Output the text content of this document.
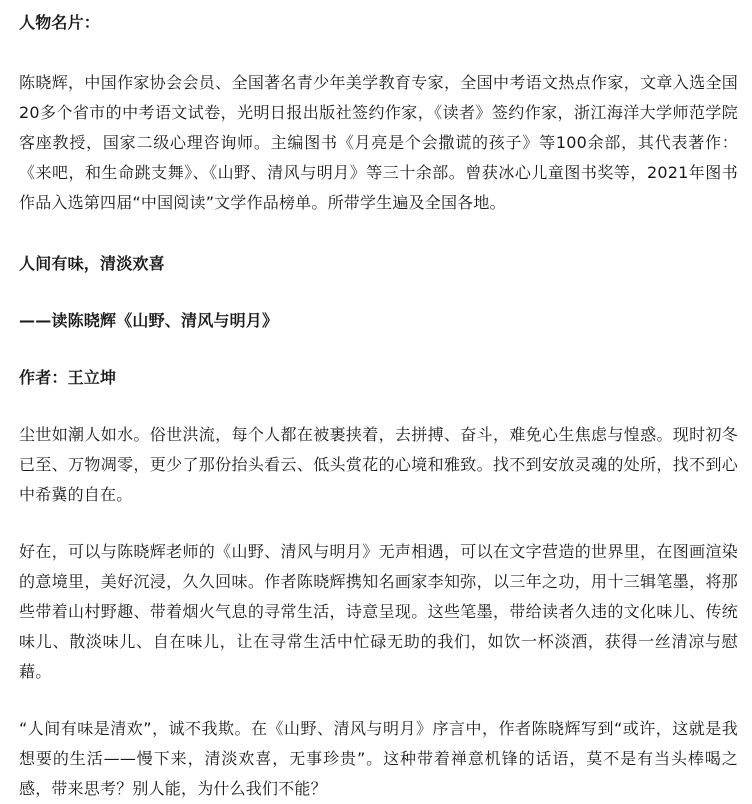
人物名片：

陈晓辉，中国作家协会会员、全国著名青少年美学教育专家，全国中考语文热点作家，文章入选全国20多个省市的中考语文试卷，光明日报出版社签约作家，《读者》签约作家，浙江海洋大学师范学院客座教授，国家二级心理咨询师。主编图书《月亮是个会撒谎的孩子》等100余部，其代表著作：《来吧，和生命跳支舞》、《山野、清风与明月》等三十余部。曾获冰心儿童图书奖等，2021年图书作品入选第四届“中国阅读”文学作品榜单。所带学生遍及全国各地。

人间有味，清淡欢喜

——读陈晓辉《山野、清风与明月》

作者：王立坤

尘世如潮人如水。俗世洪流，每个人都在被裹挟着，去拼搏、奋斗，难免心生焦虑与惶惑。现时初冬已至、万物凋零，更少了那份抬头看云、低头赏花的心境和雅致。找不到安放灵魂的处所，找不到心中希冀的自在。

好在，可以与陈晓辉老师的《山野、清风与明月》无声相遇，可以在文字营造的世界里，在图画渲染的意境里，美好沉浸，久久回味。作者陈晓辉携知名画家李知弥，以三年之功，用十三辑笔墨，将那些带着山村野趣、带着烟火气息的寻常生活，诗意呈现。这些笔墨，带给读者久违的文化味儿、传统味儿、散淡味儿、自在味儿，让在寻常生活中忙碌无助的我们，如饮一杯淡酒，获得一丝清凉与慰藉。

“人间有味是清欢”，诚不我欺。在《山野、清风与明月》序言中，作者陈晓辉写到“或许，这就是我想要的生活——慢下来，清淡欢喜，无事珍贵”。这种带着禅意机锋的话语，莫不是有当头棒喝之感，带来思考？别人能，为什么我们不能？
